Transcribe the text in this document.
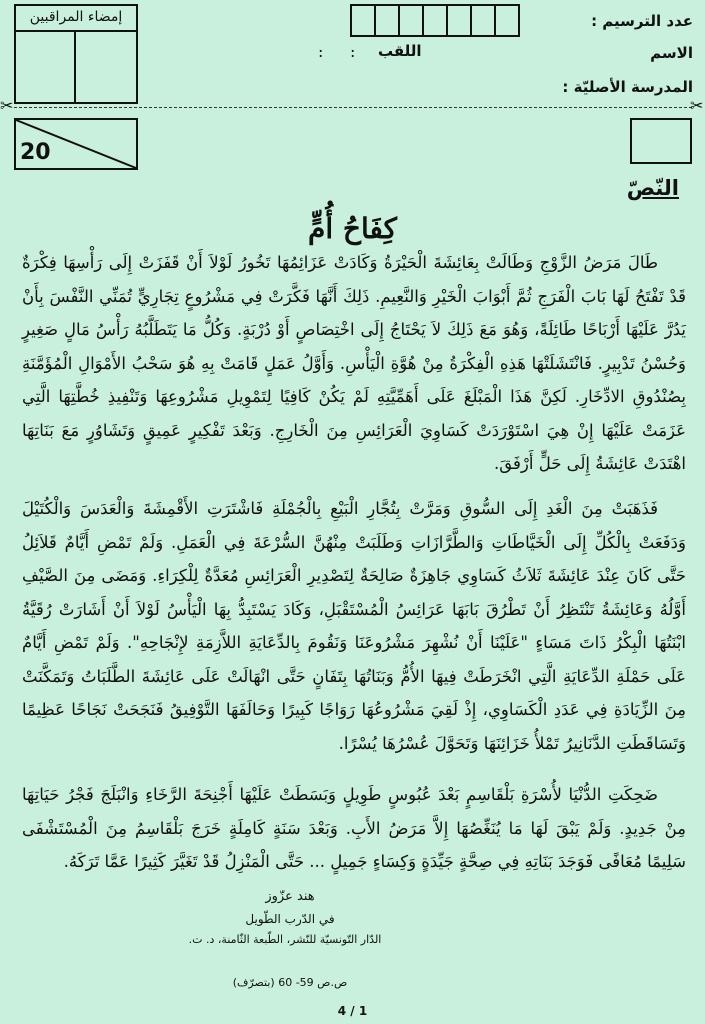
إمضاء المراقبين	عدد الترسيم :
الاسم
: اللقب
:
المدرسة الأصليّة :
✂	✂
20
النّصّ
كِفَاحُ أُمٍّ

طَالَ مَرَضُ الزَّوْجِ وَطَالَتْ بِعَائِشَةَ الْحَيْرَةُ وَكَادَتْ عَزَائِمُهَا تَخُورُ لَوْلاَ أَنْ قَفَزَتْ إِلَى رَأْسِهَا فِكْرَةٌ قَدْ تَفْتَحُ لَهَا بَابَ الْفَرَجِ ثُمَّ أَبْوَابَ الْخَيْرِ وَالنَّعِيمِ. ذَلِكَ أَنَّهَا فَكَّرَتْ فِي مَشْرُوعٍ تِجَارِيٍّ تُمَنِّي النَّفْسَ بِأَنْ يَدُرَّ عَلَيْهَا أَرْبَاحًا طَائِلَةً، وَهُوَ مَعَ ذَلِكَ لاَ يَحْتَاجُ إِلَى اخْتِصَاصٍ أَوْ دُرْبَةٍ. وَكُلُّ مَا يَتَطَلَّبُهُ رَأْسُ مَالٍ صَغِيرٍ وَحُسْنُ تَدْبِيرٍ. فَانْتَشَلَتْهَا هَذِهِ الْفِكْرَةُ مِنْ هُوَّةِ الْيَأْسِ. وَأَوَّلُ عَمَلٍ قَامَتْ بِهِ هُوَ سَحْبُ الأَمْوَالِ الْمُؤَمَّنَةِ بِصُنْدُوقِ الادِّخَارِ. لَكِنَّ هَذَا الْمَبْلَغَ عَلَى أَهَمِّيَّتِهِ لَمْ يَكُنْ كَافِيًا لِتَمْوِيلِ مَشْرُوعِهَا وَتَنْفِيذِ خُطَّتِهَا الَّتِي عَزَمَتْ عَلَيْهَا إِنْ هِيَ اسْتَوْرَدَتْ كَسَاوِيَ الْعَرَائِسِ مِنَ الْخَارِجِ. وَبَعْدَ تَفْكِيرٍ عَمِيقٍ وَتَشَاوُرٍ مَعَ بَنَاتِهَا اهْتَدَتْ عَائِشَةُ إِلَى حَلٍّ أَرْفَقَ.

فَذَهَبَتْ مِنَ الْغَدِ إِلَى السُّوقِ وَمَرَّتْ بِتُجَّارِ الْبَيْعِ بِالْجُمْلَةِ فَاشْتَرَتِ الأَقْمِشَةَ وَالْعَدَسَ وَالْكُتَيْلَ وَدَفَعَتْ بِالْكُلِّ إِلَى الْخَيَّاطَاتِ وَالطَّرَّازَاتِ وَطَلَبَتْ مِنْهُنَّ السُّرْعَةَ فِي الْعَمَلِ. وَلَمْ تَمْضِ أَيَّامٌ قَلاَئِلُ حَتَّى كَانَ عِنْدَ عَائِشَةَ ثَلاَثُ كَسَاوِي جَاهِزَةٌ صَالِحَةٌ لِتَصْدِيرِ الْعَرَائِسِ مُعَدَّةٌ لِلْكِرَاءِ. وَمَضَى مِنَ الصَّيْفِ أَوَّلُهُ وَعَائِشَةُ تَنْتَظِرُ أَنْ تَطْرُقَ بَابَهَا عَرَائِسُ الْمُسْتَقْبَلِ، وَكَادَ يَسْتَبِدُّ بِهَا الْيَأْسُ لَوْلاَ أَنْ أَشَارَتْ رُقَيَّةُ ابْنَتُهَا الْبِكْرُ ذَاتَ مَسَاءٍ "عَلَيْنَا أَنْ نُشْهِرَ مَشْرُوعَنَا وَنَقُومَ بِالدِّعَايَةِ اللاَّزِمَةِ لإِنْجَاحِهِ". وَلَمْ تَمْضِ أَيَّامٌ عَلَى حَمْلَةِ الدِّعَايَةِ الَّتِي انْخَرَطَتْ فِيهَا الأُمُّ وَبَنَاتُهَا بِتَفَانٍ حَتَّى انْهَالَتْ عَلَى عَائِشَةَ الطَّلَبَاتُ وَتَمَكَّنَتْ مِنَ الزِّيَادَةِ فِي عَدَدِ الْكَسَاوِي، إِذْ لَقِيَ مَشْرُوعُهَا رَوَاجًا كَبِيرًا وَحَالَفَهَا التَّوْفِيقُ فَنَجَحَتْ نَجَاحًا عَظِيمًا وَتَسَاقَطَتِ الدَّنَانِيرُ تَمْلأُ خَزَائِنَهَا وَتَحَوَّلَ عُسْرُهَا يُسْرًا.

ضَحِكَتِ الدُّنْيَا لأُسْرَةِ بَلْقَاسِمٍ بَعْدَ عُبُوسٍ طَوِيلٍ وَبَسَطَتْ عَلَيْهَا أَجْنِحَةَ الرَّخَاءِ وَانْبَلَجَ فَجْرُ حَيَاتِهَا مِنْ جَدِيدٍ. وَلَمْ يَبْقَ لَهَا مَا يُنَغِّصُهَا إِلاَّ مَرَضُ الأَبِ. وَبَعْدَ سَنَةٍ كَامِلَةٍ خَرَجَ بَلْقَاسِمُ مِنَ الْمُسْتَشْفَى سَلِيمًا مُعَافًى فَوَجَدَ بَنَاتِهِ فِي صِحَّةٍ جَيِّدَةٍ وَكِسَاءٍ جَمِيلٍ ... حَتَّى الْمَنْزِلُ قَدْ تَغَيَّرَ كَثِيرًا عَمَّا تَرَكَهُ.

هند عزّوز
في الدّرب الطّويل
الدّار التّونسيّة للنّشر، الطّبعة الثّامنة، د. ت.
ص.ص 59- 60 (بتصرّف)
4 / 1
